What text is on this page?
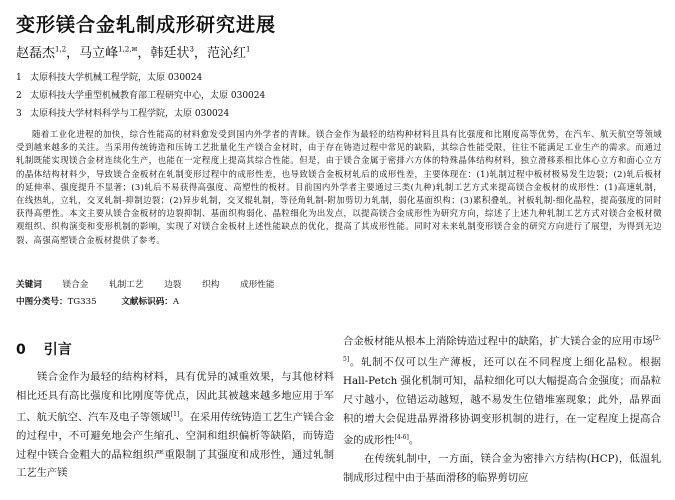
变形镁合金轧制成形研究进展
赵磊杰$^{1,2}$，马立峰$^{1,2,✉}$，韩廷状$^3$，范沁红$^1$
1 太原科技大学机械工程学院，太原 030024
2 太原科技大学重型机械教育部工程研究中心，太原 030024
3 太原科技大学材料科学与工程学院，太原 030024
随着工业化进程的加快，综合性能高的材料愈发受到国内外学者的青睐。镁合金作为最轻的结构种材料且具有比强度和比刚度高等优势，在汽车、航天航空等领域受到越来越多的关注。当采用传统铸造和压铸工艺批量化生产镁合金材时，由于存在铸造过程中常见的缺陷，其综合性能受限，往往不能满足工业生产的需求。而通过轧制既能实现镁合金材连续化生产，也能在一定程度上提高其综合性能。但是，由于镁合金属于密排六方体的特殊晶体结构材料，独立滑移系相比体心立方和面心立方的晶体结构材料少，导致镁合金板材在轧制变形过程中的成形性差，也导致镁合金板材轧后的成形性差，主要体现在：(1)轧制过程中板材极易发生边裂；(2)轧后板材的延伸率、强度提升不显著；(3)轧后不易获得高强度、高塑性的板材。目前国内外学者主要通过三类(九种)轧制工艺方式来提高镁合金板材的成形性：(1)高速轧制，在线热轧，立轧，交叉轧制-抑制边裂；(2)异步轧制，交叉辊轧制，等径角轧制-附加剪切力轧制，弱化基面织构；(3)累积叠轧，衬板轧制-细化晶粒，提高强度的同时获得高塑性。本文主要从镁合金板材的边裂抑制、基面织构弱化、晶粒细化为出发点，以提高镁合金成形性为研究方向，综述了上述九种轧制工艺方式对镁合金板材微观组织、织构演变和变形机制的影响，实现了对镁合金板材上述性能缺点的优化，提高了其成形性能。同时对未来轧制变形镁合金的研究方向进行了展望，为得到无边裂、高强高塑镁合金板材提供了参考。
关键词 镁合金 轧制工艺 边裂 织构 成形性能
中图分类号：TG335	文献标识码：A
0 引言

镁合金作为最轻的结构材料，具有优异的减重效果，与其他材料相比还具有高比强度和比刚度等优点，因此其被越来越多地应用于军工、航天航空、汽车及电子等领域[1]。在采用传统铸造工艺生产镁合金的过程中，不可避免地会产生缩孔、空洞和组织偏析等缺陷，而铸造过程中镁合金粗大的晶粒组织严重限制了其强度和成形性，通过轧制工艺生产镁

合金板材能从根本上消除铸造过程中的缺陷，扩大镁合金的应用市场[2-5]。轧制不仅可以生产薄板，还可以在不同程度上细化晶粒。根据 Hall-Petch 强化机制可知，晶粒细化可以大幅提高合金强度；而晶粒尺寸越小，位错运动越短，越不易发生位错堆塞现象；此外，晶界面积的增大会促进晶界滑移协调变形机制的进行，在一定程度上提高合金的成形性[4-6]。

在传统轧制中，一方面，镁合金为密排六方结构(HCP)，低温轧制成形过程中由于基面滑移的临界剪切应
